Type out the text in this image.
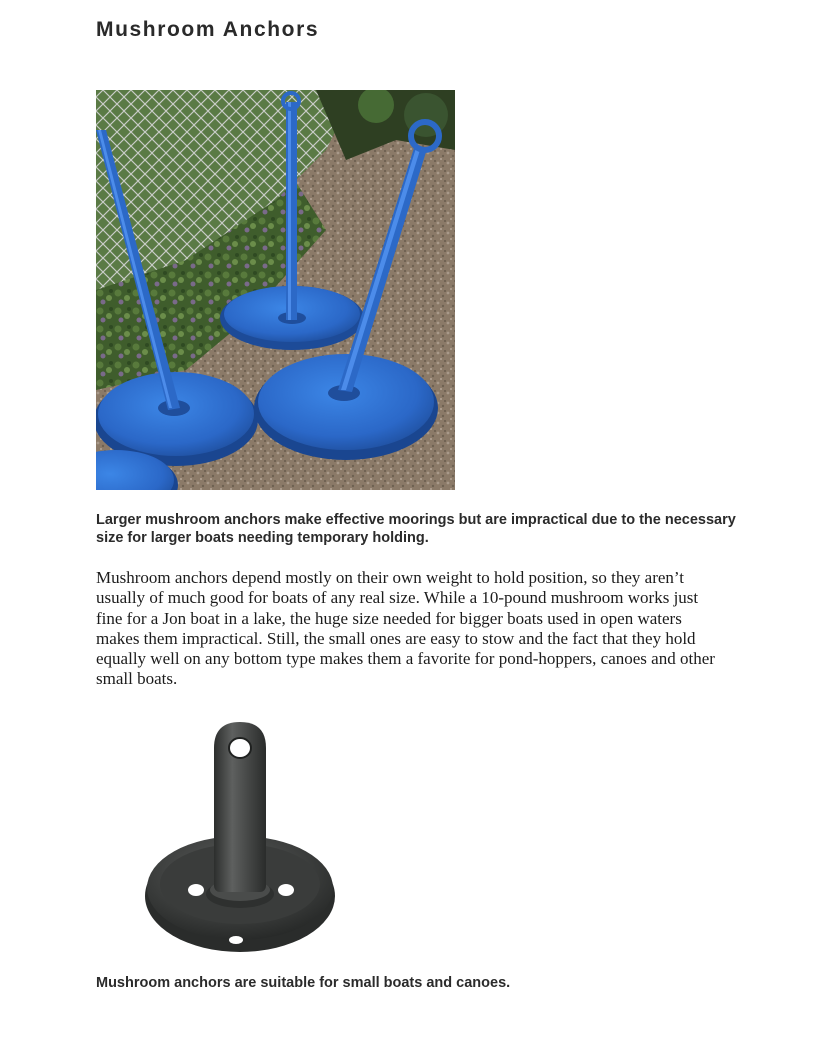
Mushroom Anchors

Larger mushroom anchors make effective moorings but are impractical due to the necessary size for larger boats needing temporary holding.

Mushroom anchors depend mostly on their own weight to hold position, so they aren’t usually of much good for boats of any real size. While a 10-pound mushroom works just fine for a Jon boat in a lake, the huge size needed for bigger boats used in open waters makes them impractical. Still, the small ones are easy to stow and the fact that they hold equally well on any bottom type makes them a favorite for pond-hoppers, canoes and other small boats.

Mushroom anchors are suitable for small boats and canoes.
